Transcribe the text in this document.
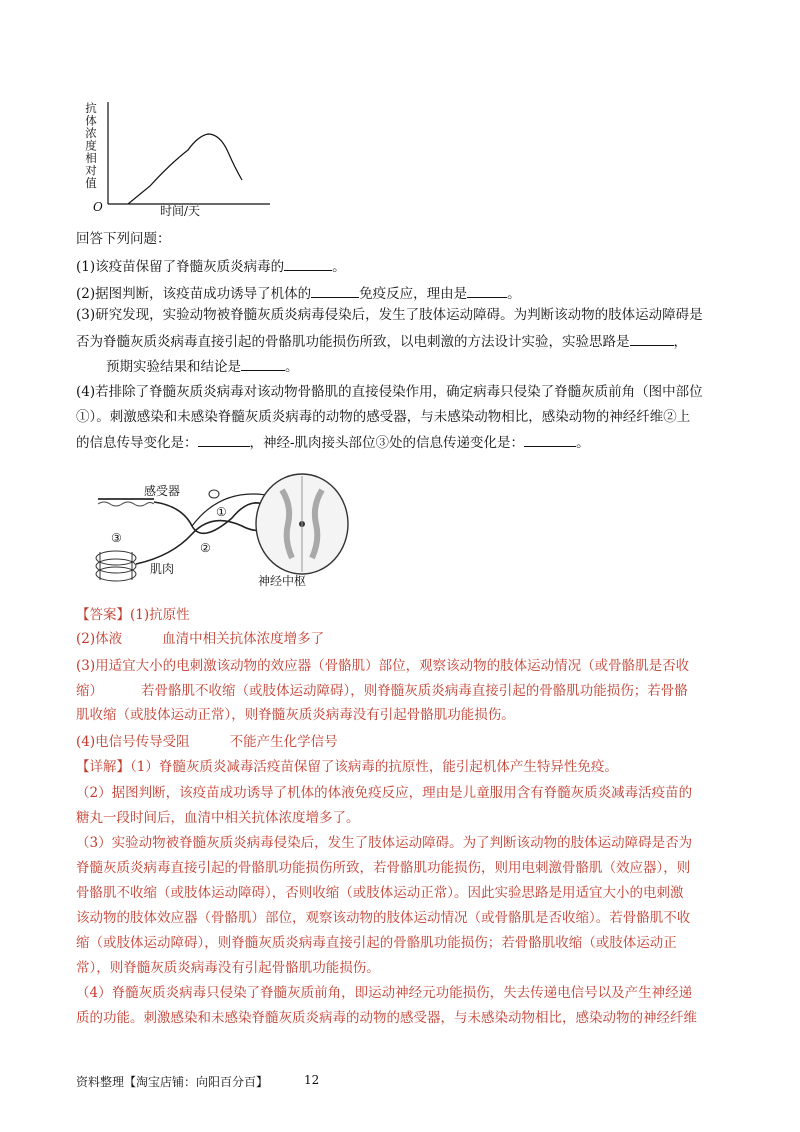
抗体浓度相对值
O	时间/天
回答下列问题：
(1)该疫苗保留了脊髓灰质炎病毒的	。
(2)据图判断，该疫苗成功诱导了机体的	免疫反应，理由是	。
(3)研究发现，实验动物被脊髓灰质炎病毒侵染后，发生了肢体运动障碍。为判断该动物的肢体运动障碍是
否为脊髓灰质炎病毒直接引起的骨骼肌功能损伤所致，以电刺激的方法设计实验，实验思路是	，
预期实验结果和结论是	。
(4)若排除了脊髓灰质炎病毒对该动物骨骼肌的直接侵染作用，确定病毒只侵染了脊髓灰质前角（图中部位
①）。刺激感染和未感染脊髓灰质炎病毒的动物的感受器，与未感染动物相比，感染动物的神经纤维②上
的信息传导变化是：	，神经-肌肉接头部位③处的信息传递变化是：	。
感受器
①
②
③
肌肉
神经中枢
【答案】(1)抗原性
(2)体液	血清中相关抗体浓度增多了
(3)用适宜大小的电刺激该动物的效应器（骨骼肌）部位，观察该动物的肢体运动情况（或骨骼肌是否收
缩）	若骨骼肌不收缩（或肢体运动障碍），则脊髓灰质炎病毒直接引起的骨骼肌功能损伤；若骨骼
肌收缩（或肢体运动正常），则脊髓灰质炎病毒没有引起骨骼肌功能损伤。
(4)电信号传导受阻	不能产生化学信号
【详解】（1）脊髓灰质炎减毒活疫苗保留了该病毒的抗原性，能引起机体产生特异性免疫。
（2）据图判断，该疫苗成功诱导了机体的体液免疫反应，理由是儿童服用含有脊髓灰质炎减毒活疫苗的
糖丸一段时间后，血清中相关抗体浓度增多了。
（3）实验动物被脊髓灰质炎病毒侵染后，发生了肢体运动障碍。为了判断该动物的肢体运动障碍是否为
脊髓灰质炎病毒直接引起的骨骼肌功能损伤所致，若骨骼肌功能损伤，则用电刺激骨骼肌（效应器），则
骨骼肌不收缩（或肢体运动障碍），否则收缩（或肢体运动正常）。因此实验思路是用适宜大小的电刺激
该动物的肢体效应器（骨骼肌）部位，观察该动物的肢体运动情况（或骨骼肌是否收缩）。若骨骼肌不收
缩（或肢体运动障碍），则脊髓灰质炎病毒直接引起的骨骼肌功能损伤；若骨骼肌收缩（或肢体运动正
常），则脊髓灰质炎病毒没有引起骨骼肌功能损伤。
（4）脊髓灰质炎病毒只侵染了脊髓灰质前角，即运动神经元功能损伤，失去传递电信号以及产生神经递
质的功能。刺激感染和未感染脊髓灰质炎病毒的动物的感受器，与未感染动物相比，感染动物的神经纤维
资料整理【淘宝店铺：向阳百分百】	12
